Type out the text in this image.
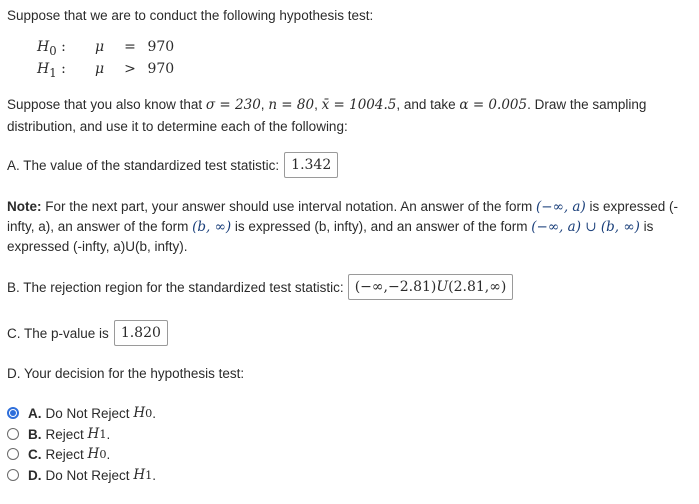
Suppose that we are to conduct the following hypothesis test:
$H_0$ : μ = 970
$H_1$ : μ > 970
Suppose that you also know that σ = 230, n = 80, x̄ = 1004.5, and take α = 0.005. Draw the sampling
distribution, and use it to determine each of the following:
A. The value of the standardized test statistic: 1.342
Note: For the next part, your answer should use interval notation. An answer of the form (−∞, a) is expressed (-infty, a), an answer of the form (b, ∞) is expressed (b, infty), and an answer of the form (−∞, a) ∪ (b, ∞) is expressed (-infty, a)U(b, infty).
B. The rejection region for the standardized test statistic: (−∞,−2.81)𝑈(2.81,∞)
C. The p-value is 1.820
D. Your decision for the hypothesis test:
A. Do Not Reject
H 0 .
B. Reject
H 1 .
C. Reject
H 0 .
D. Do Not Reject
H 1 .
